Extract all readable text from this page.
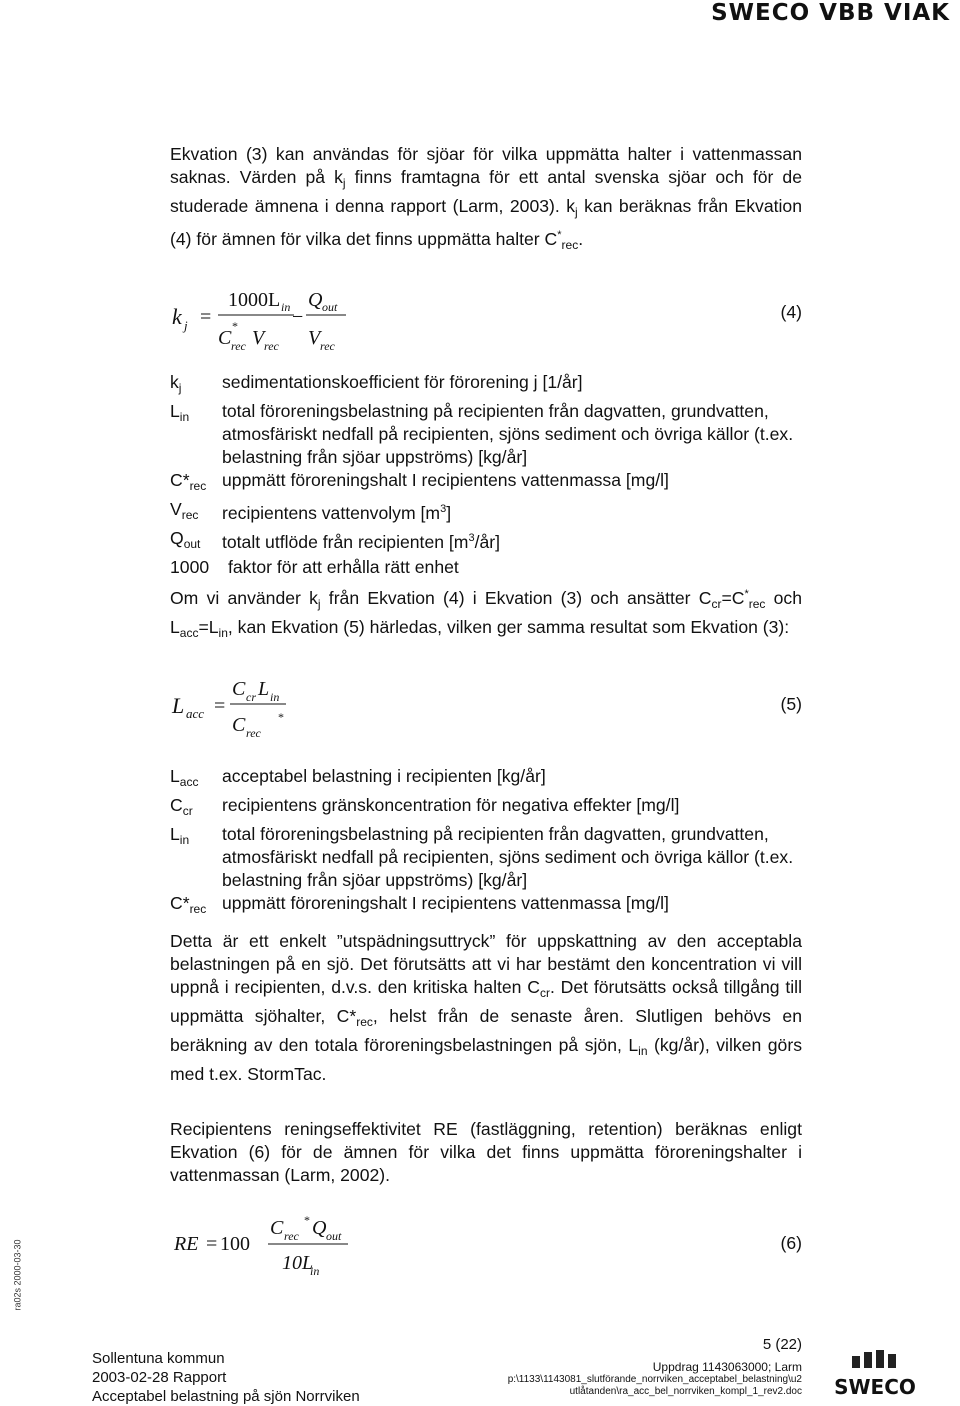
SWECO VBB VIAK
Ekvation (3) kan användas för sjöar för vilka uppmätta halter i vattenmassan saknas. Värden på $k_j$ finns framtagna för ett antal svenska sjöar och för de studerade ämnena i denna rapport (Larm, 2003). $k_j$ kan beräknas från Ekvation (4) för ämnen för vilka det finns uppmätta halter $C^*_{rec}$.
k j =
1000L in
C
*
rec V rec
−
Q out
V rec
(4)
$k_j$	sedimentationskoefficient för förorening j [1/år]
$L_{in}$	total föroreningsbelastning på recipienten från dagvatten, grundvatten, atmosfäriskt nedfall på recipienten, sjöns sediment och övriga källor (t.ex. belastning från sjöar uppströms) [kg/år]
$C*_{rec}$	uppmätt föroreningshalt I recipientens vattenmassa [mg/l]
$V_{rec}$	recipientens vattenvolym $[m^3]$
$Q_{out}$	totalt utflöde från recipienten $[m^3/år]$
1000	faktor för att erhålla rätt enhet
Om vi använder $k_j$ från Ekvation (4) i Ekvation (3) och ansätter $C_{cr}=C^*_{rec}$ och $L_{acc}=L_{in}$, kan Ekvation (5) härledas, vilken ger samma resultat som Ekvation (3):
L acc =
C cr L in
C rec
*
(5)
$L_{acc}$	acceptabel belastning i recipienten [kg/år]
$C_{cr}$	recipientens gränskoncentration för negativa effekter [mg/l]
$L_{in}$	total föroreningsbelastning på recipienten från dagvatten, grundvatten, atmosfäriskt nedfall på recipienten, sjöns sediment och övriga källor (t.ex. belastning från sjöar uppströms) [kg/år]
$C*_{rec}$	uppmätt föroreningshalt I recipientens vattenmassa [mg/l]
Detta är ett enkelt ”utspädningsuttryck” för uppskattning av den acceptabla belastningen på en sjö. Det förutsätts att vi har bestämt den koncentration vi vill uppnå i recipienten, d.v.s. den kritiska halten $C_{cr}$. Det förutsätts också tillgång till uppmätta sjöhalter, $C*_{rec}$, helst från de senaste åren. Slutligen behövs en beräkning av den totala föroreningsbelastningen på sjön, $L_{in}$ (kg/år), vilken görs med t.ex. StormTac.
Recipientens reningseffektivitet RE (fastläggning, retention) beräknas enligt Ekvation (6) för de ämnen för vilka det finns uppmätta föroreningshalter i vattenmassan (Larm, 2002).
RE = 100
C rec
* Q out
10L
in
(6)
ra02s 2000-03-30
Sollentuna kommun
2003-02-28 Rapport
Acceptabel belastning på sjön Norrviken
5 (22)
Uppdrag 1143063000; Larm
p:\1133\1143081_slutförande_norrviken_acceptabel_belastning\u2
utlåtanden\ra_acc_bel_norrviken_kompl_1_rev2.doc SWECO
